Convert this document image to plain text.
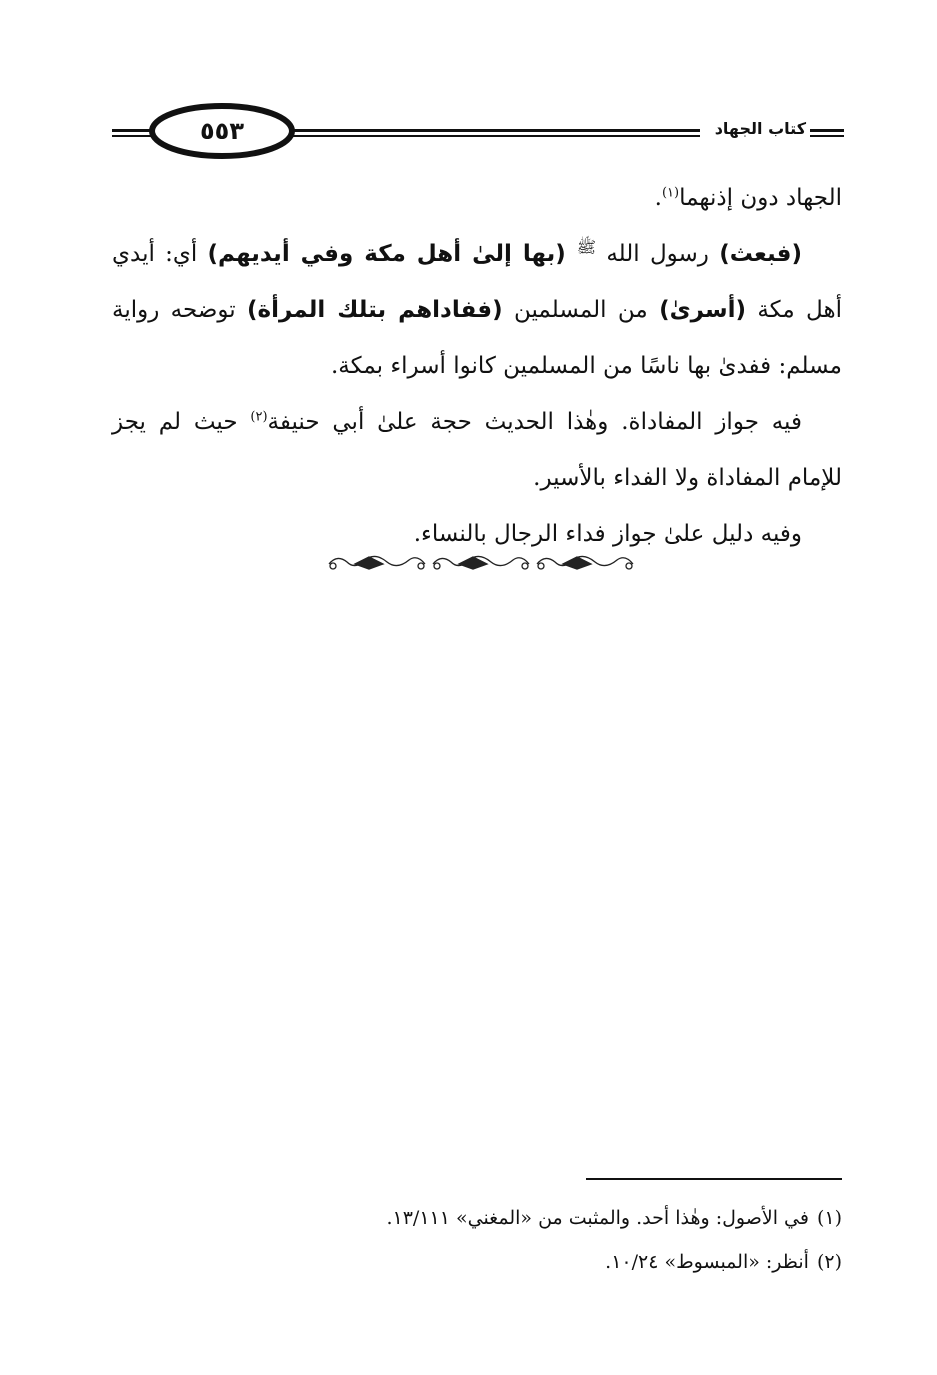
٥٥٣	كتاب الجهاد

الجهاد دون إذنهما$^{(١)}$.

(فبعث) رسول الله $^ﷺ$ (بها إلىٰ أهل مكة وفي أيديهم) أي: أيدي أهل مكة (أسرىٰ) من المسلمين (ففاداهم بتلك المرأة) توضحه رواية مسلم: ففدىٰ بها ناسًا من المسلمين كانوا أسراء بمكة.

فيه جواز المفاداة. وهٰذا الحديث حجة علىٰ أبي حنيفة$^{(٢)}$ حيث لم يجز للإمام المفاداة ولا الفداء بالأسير.

وفيه دليل علىٰ جواز فداء الرجال بالنساء.

(١)في الأصول: وهٰذا أحد. والمثبت من «المغني» ١٣/١١١.

(٢)أنظر: «المبسوط» ١٠/٢٤.
